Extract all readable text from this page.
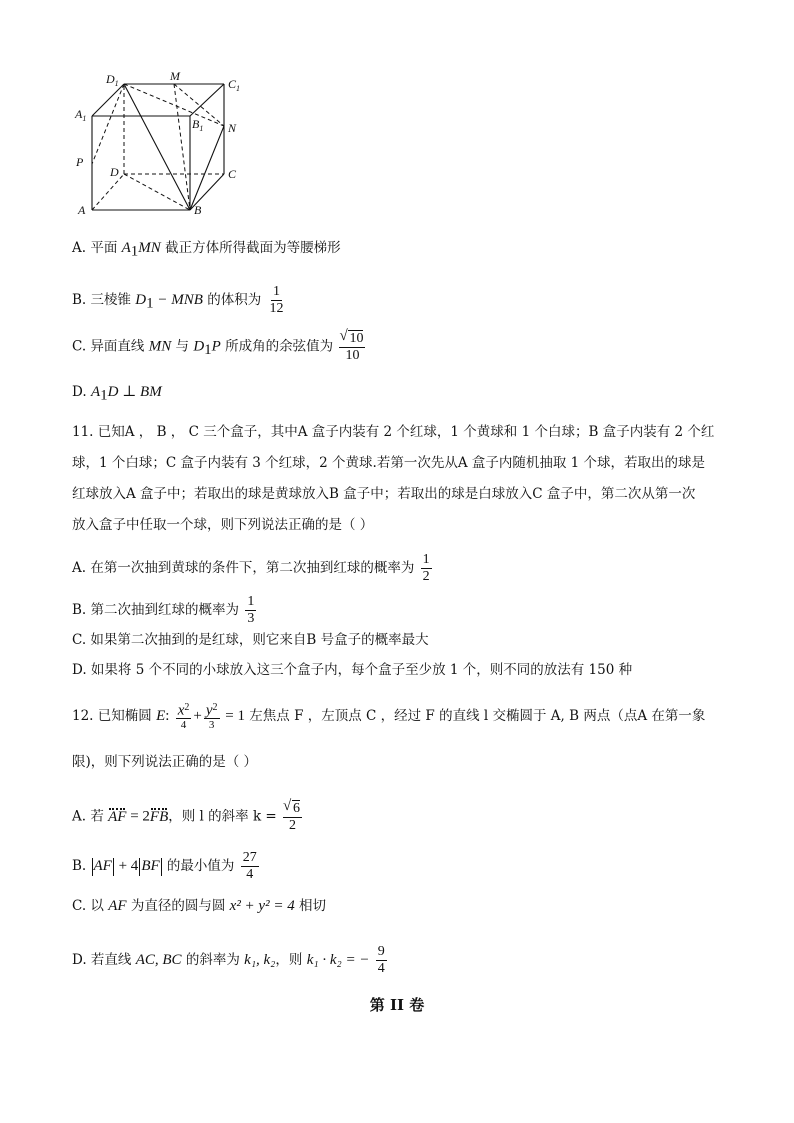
$D_1$
M
$C_1$
$A_1$	$B_1$ N
P
D	C
A	B
A. 平面 $A_1MN$ 截正方体所得截面为等腰梯形
B. 三棱锥 $D_1$ − MNB 的体积为 $\frac{1}{12}$
C. 异面直线 MN 与 $D_1P$ 所成角的余弦值为 √ $\frac{10}{10}$
D. $A_1D$ ⊥ BM
11. 已知A ， B ， C 三个盒子，其中A 盒子内装有 2 个红球，1 个黄球和 1 个白球；B 盒子内装有 2 个红
球，1 个白球；C 盒子内装有 3 个红球，2 个黄球.若第一次先从A 盒子内随机抽取 1 个球，若取出的球是
红球放入A 盒子中；若取出的球是黄球放入B 盒子中；若取出的球是白球放入C 盒子中，第二次从第一次
放入盒子中任取一个球，则下列说法正确的是（ ）
A. 在第一次抽到黄球的条件下，第二次抽到红球的概率为 $\frac{1}{2}$
B. 第二次抽到红球的概率为 $\frac{1}{3}$
C. 如果第二次抽到的是红球，则它来自B 号盒子的概率最大
D. 如果将 5 个不同的小球放入这三个盒子内，每个盒子至少放 1 个，则不同的放法有 150 种
12. 已知椭圆 E: $\frac{x^2}{4} + \frac{y^2}{3} = 1$ 左焦点 F ，左顶点 C ，经过 F 的直线 l 交椭圆于 A, B 两点（点A 在第一象
限)，则下列说法正确的是（ ）
A. 若 AF = 2FB，则 l 的斜率 k = √ $\frac{6}{2}$
B. AF + 4 BF 的最小值为 $\frac{27}{4}$
C. 以 AF 为直径的圆与圆 x² + y² = 4 相切
D. 若直线 AC, BC 的斜率为 k₁, k₂，则 k₁ · k₂ = − $\frac{9}{4}$
第 II 卷
